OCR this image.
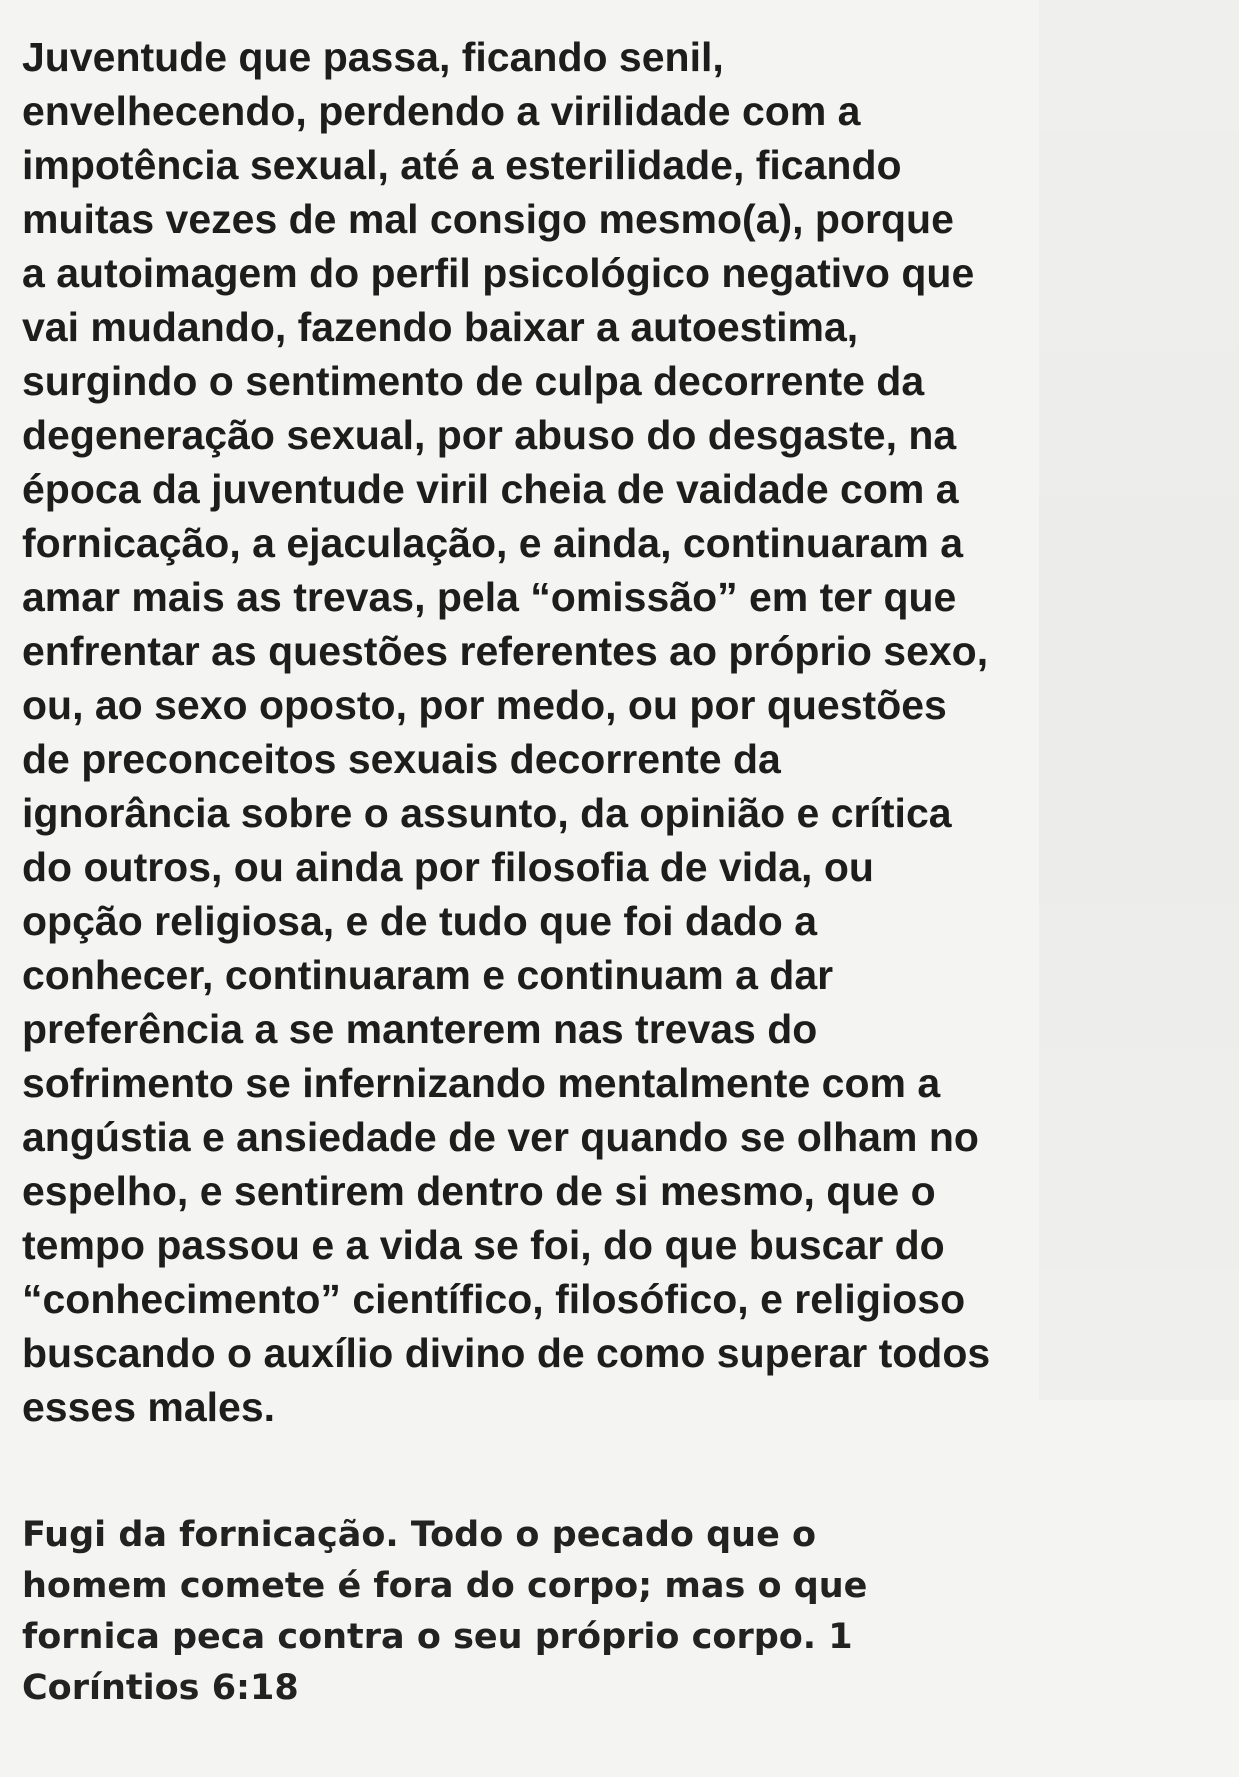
Juventude que passa, ficando senil,
envelhecendo, perdendo a virilidade com a
impotência sexual, até a esterilidade, ficando
muitas vezes de mal consigo mesmo(a), porque
a autoimagem do perfil psicológico negativo que
vai mudando, fazendo baixar a autoestima,
surgindo o sentimento de culpa decorrente da
degeneração sexual, por abuso do desgaste, na
época da juventude viril cheia de vaidade com a
fornicação, a ejaculação, e ainda, continuaram a
amar mais as trevas, pela “omissão” em ter que
enfrentar as questões referentes ao próprio sexo,
ou, ao sexo oposto, por medo, ou por questões
de preconceitos sexuais decorrente da
ignorância sobre o assunto, da opinião e crítica
do outros, ou ainda por filosofia de vida, ou
opção religiosa, e de tudo que foi dado a
conhecer, continuaram e continuam a dar
preferência a se manterem nas trevas do
sofrimento se infernizando mentalmente com a
angústia e ansiedade de ver quando se olham no
espelho, e sentirem dentro de si mesmo, que o
tempo passou e a vida se foi, do que buscar do
“conhecimento” científico, filosófico, e religioso
buscando o auxílio divino de como superar todos
esses males.
Fugi da fornicação. Todo o pecado que o
homem comete é fora do corpo; mas o que
fornica peca contra o seu próprio corpo. 1
Coríntios 6:18
